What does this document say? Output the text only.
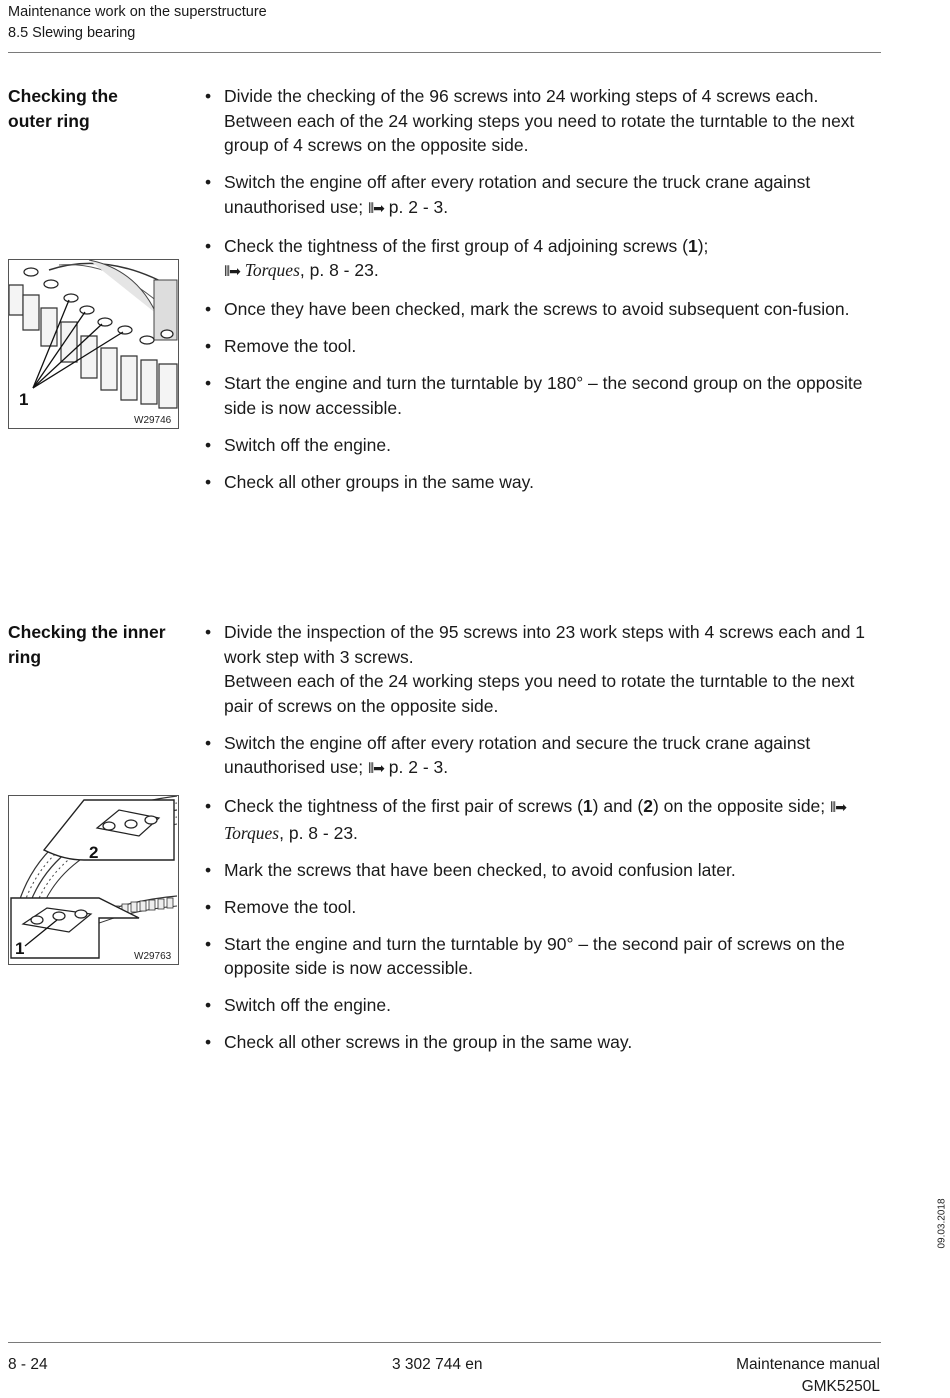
Maintenance work on the superstructure
8.5 Slewing bearing
Checking the
outer ring
1
W29746
• Divide the checking of the 96 screws into 24 working steps of 4 screws each.
Between each of the 24 working steps you need to rotate the turntable to the next group of 4 screws on the opposite side.
• Switch the engine off after every rotation and secure the truck crane against unauthorised use; ⦀➡ p. 2 - 3.
• Check the tightness of the first group of 4 adjoining screws (1);
⦀➡ Torques, p. 8 - 23.
• Once they have been checked, mark the screws to avoid subsequent con-fusion.
• Remove the tool.
• Start the engine and turn the turntable by 180° – the second group on the opposite side is now accessible.
• Switch off the engine.
• Check all other groups in the same way.
Checking the inner
ring
2
1	W29763
• Divide the inspection of the 95 screws into 23 work steps with 4 screws each and 1 work step with 3 screws.
Between each of the 24 working steps you need to rotate the turntable to the next pair of screws on the opposite side.
• Switch the engine off after every rotation and secure the truck crane against unauthorised use; ⦀➡ p. 2 - 3.
• Check the tightness of the first pair of screws (1) and (2) on the opposite side; ⦀➡ Torques, p. 8 - 23.
• Mark the screws that have been checked, to avoid confusion later.
• Remove the tool.
• Start the engine and turn the turntable by 90° – the second pair of screws on the opposite side is now accessible.
• Switch off the engine.
• Check all other screws in the group in the same way.
09.03.2018
8 - 24	3 302 744 en	Maintenance manual
GMK5250L
